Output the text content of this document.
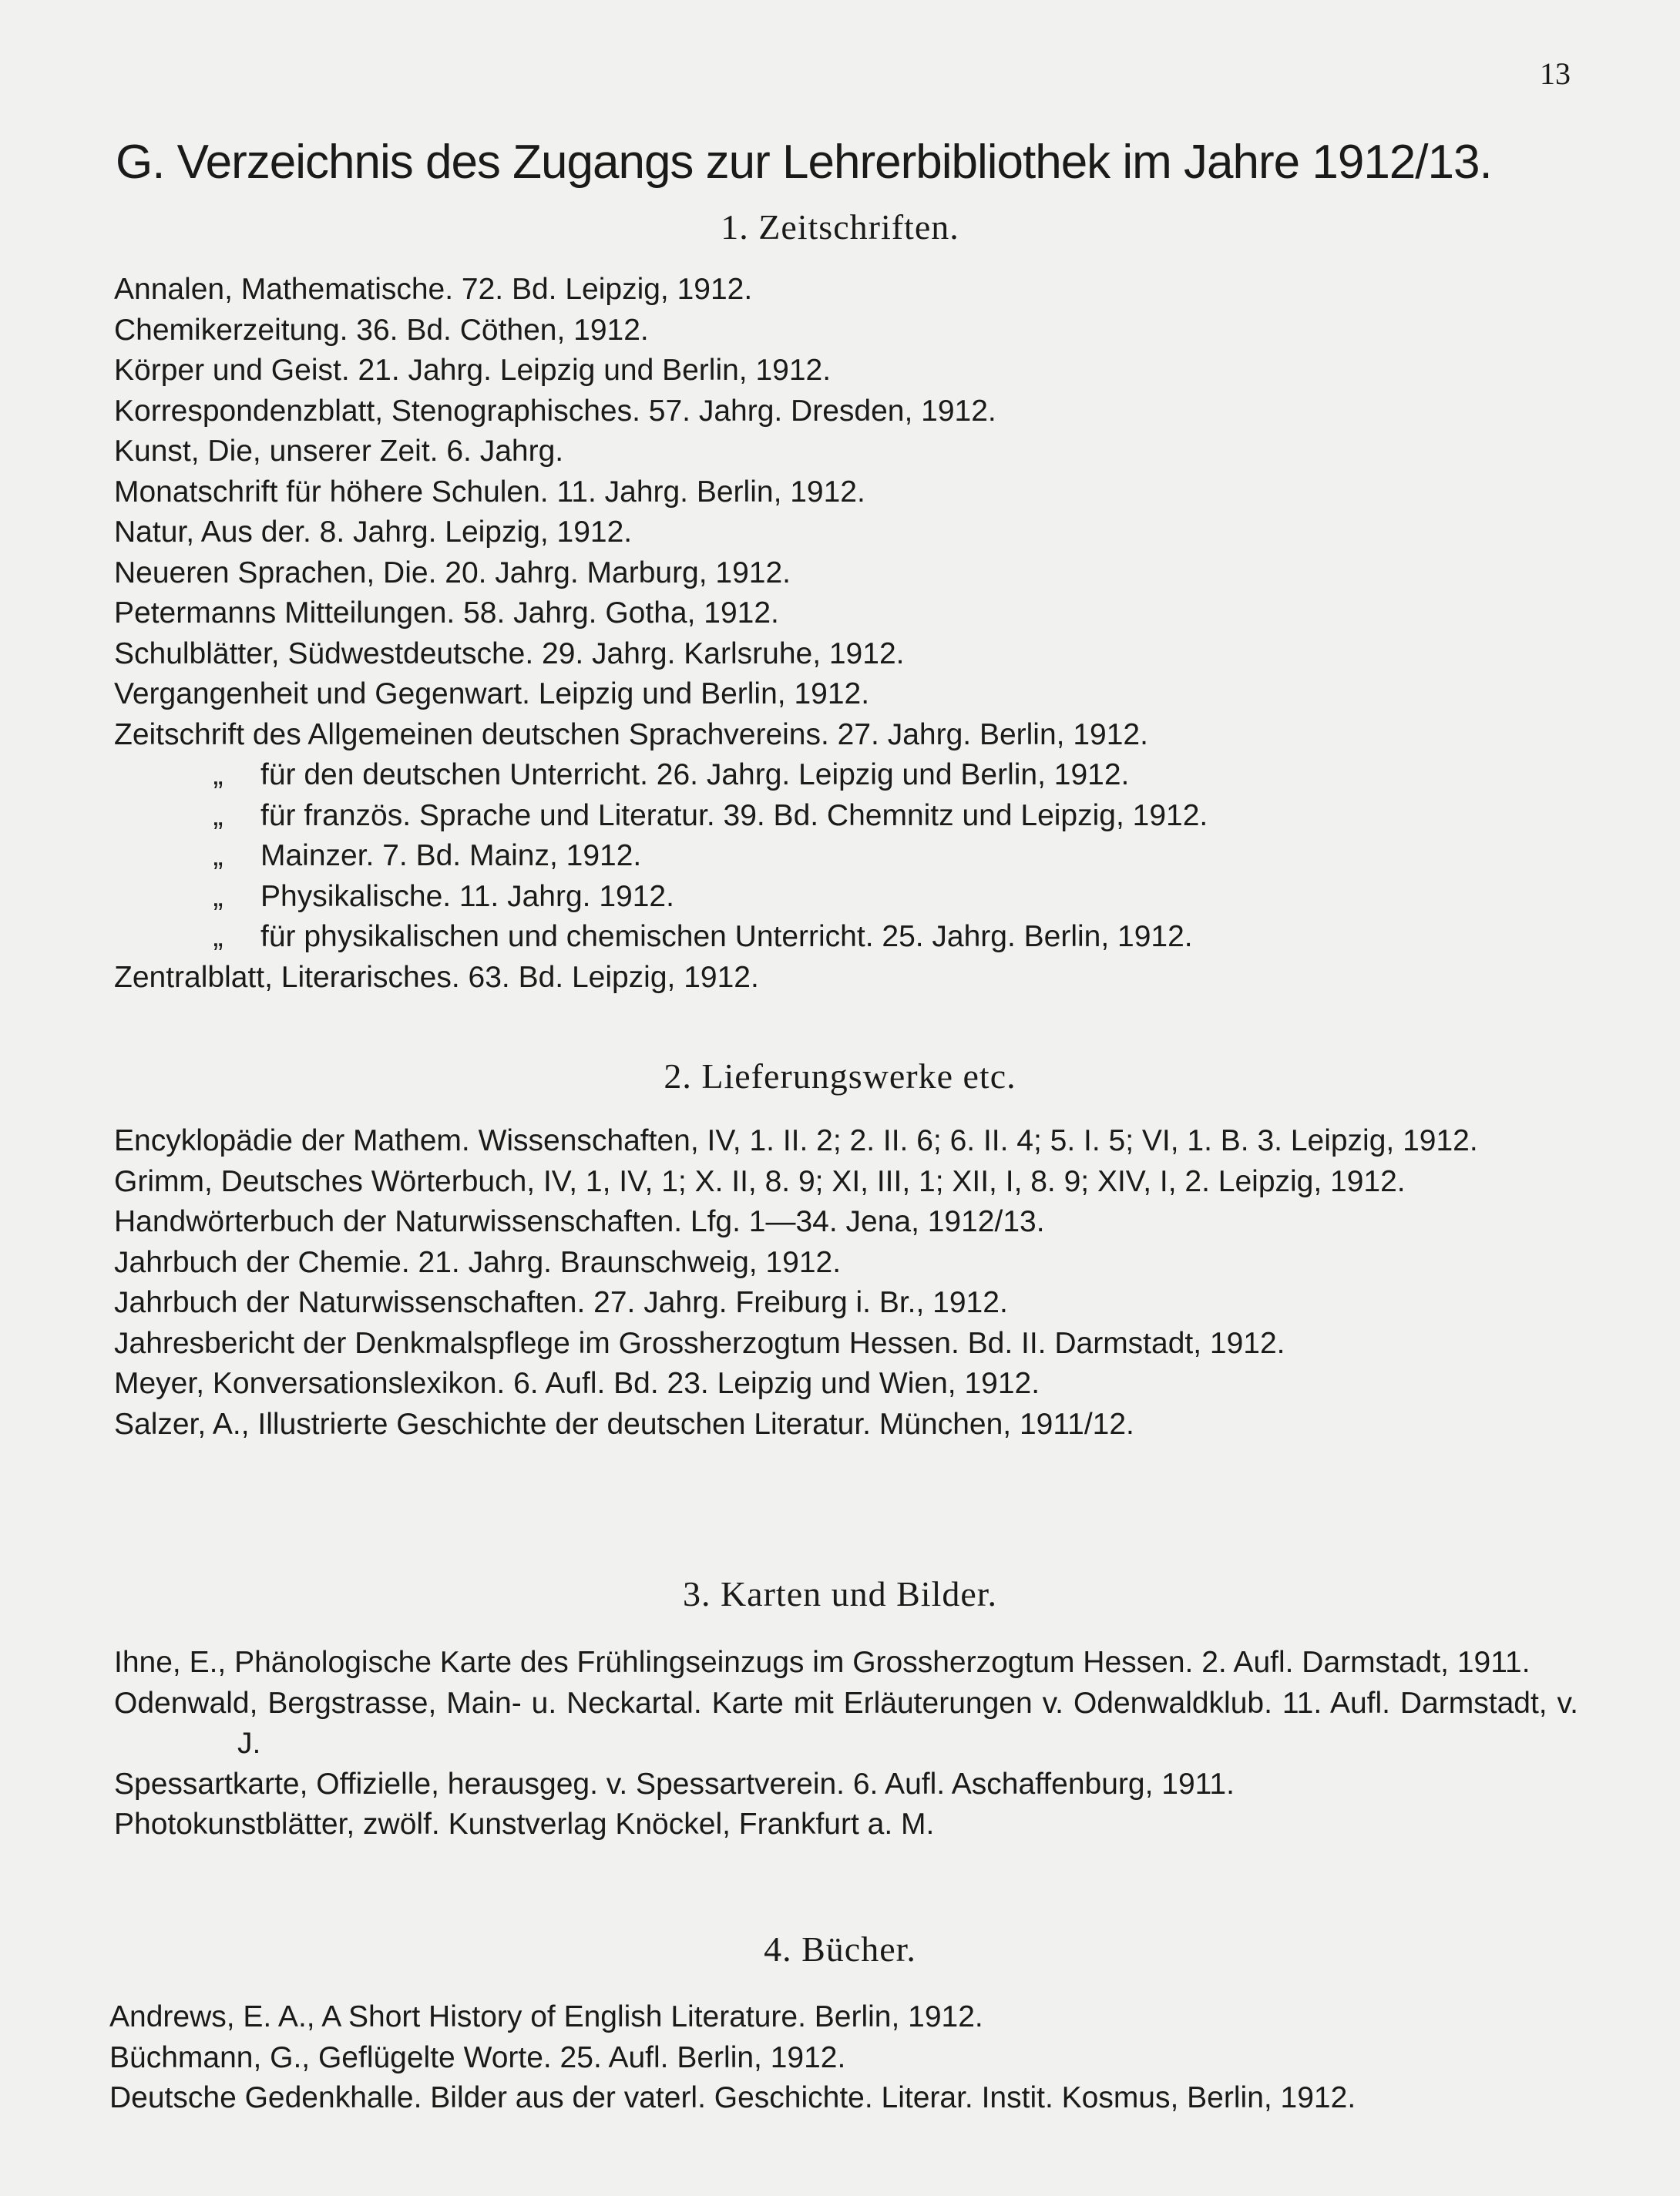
13
G. Verzeichnis des Zugangs zur Lehrerbibliothek im Jahre 1912/13.
1. Zeitschriften.
Annalen, Mathematische. 72. Bd. Leipzig, 1912.
Chemikerzeitung. 36. Bd. Cöthen, 1912.
Körper und Geist. 21. Jahrg. Leipzig und Berlin, 1912.
Korrespondenzblatt, Stenographisches. 57. Jahrg. Dresden, 1912.
Kunst, Die, unserer Zeit. 6. Jahrg.
Monatschrift für höhere Schulen. 11. Jahrg. Berlin, 1912.
Natur, Aus der. 8. Jahrg. Leipzig, 1912.
Neueren Sprachen, Die. 20. Jahrg. Marburg, 1912.
Petermanns Mitteilungen. 58. Jahrg. Gotha, 1912.
Schulblätter, Südwestdeutsche. 29. Jahrg. Karlsruhe, 1912.
Vergangenheit und Gegenwart. Leipzig und Berlin, 1912.
Zeitschrift des Allgemeinen deutschen Sprachvereins. 27. Jahrg. Berlin, 1912.
„ für den deutschen Unterricht. 26. Jahrg. Leipzig und Berlin, 1912.
„ für französ. Sprache und Literatur. 39. Bd. Chemnitz und Leipzig, 1912.
„ Mainzer. 7. Bd. Mainz, 1912.
„ Physikalische. 11. Jahrg. 1912.
„ für physikalischen und chemischen Unterricht. 25. Jahrg. Berlin, 1912.
Zentralblatt, Literarisches. 63. Bd. Leipzig, 1912.
2. Lieferungswerke etc.
Encyklopädie der Mathem. Wissenschaften, IV, 1. II. 2; 2. II. 6; 6. II. 4; 5. I. 5; VI, 1. B. 3. Leipzig, 1912.
Grimm, Deutsches Wörterbuch, IV, 1, IV, 1; X. II, 8. 9; XI, III, 1; XII, I, 8. 9; XIV, I, 2. Leipzig, 1912.
Handwörterbuch der Naturwissenschaften. Lfg. 1—34. Jena, 1912/13.
Jahrbuch der Chemie. 21. Jahrg. Braunschweig, 1912.
Jahrbuch der Naturwissenschaften. 27. Jahrg. Freiburg i. Br., 1912.
Jahresbericht der Denkmalspflege im Grossherzogtum Hessen. Bd. II. Darmstadt, 1912.
Meyer, Konversationslexikon. 6. Aufl. Bd. 23. Leipzig und Wien, 1912.
Salzer, A., Illustrierte Geschichte der deutschen Literatur. München, 1911/12.
3. Karten und Bilder.
Ihne, E., Phänologische Karte des Frühlingseinzugs im Grossherzogtum Hessen. 2. Aufl. Darmstadt, 1911.
Odenwald, Bergstrasse, Main- u. Neckartal. Karte mit Erläuterungen v. Odenwaldklub. 11. Aufl. Darmstadt, v. J.
Spessartkarte, Offizielle, herausgeg. v. Spessartverein. 6. Aufl. Aschaffenburg, 1911.
Photokunstblätter, zwölf. Kunstverlag Knöckel, Frankfurt a. M.
4. Bücher.
Andrews, E. A., A Short History of English Literature. Berlin, 1912.
Büchmann, G., Geflügelte Worte. 25. Aufl. Berlin, 1912.
Deutsche Gedenkhalle. Bilder aus der vaterl. Geschichte. Literar. Instit. Kosmus, Berlin, 1912.
